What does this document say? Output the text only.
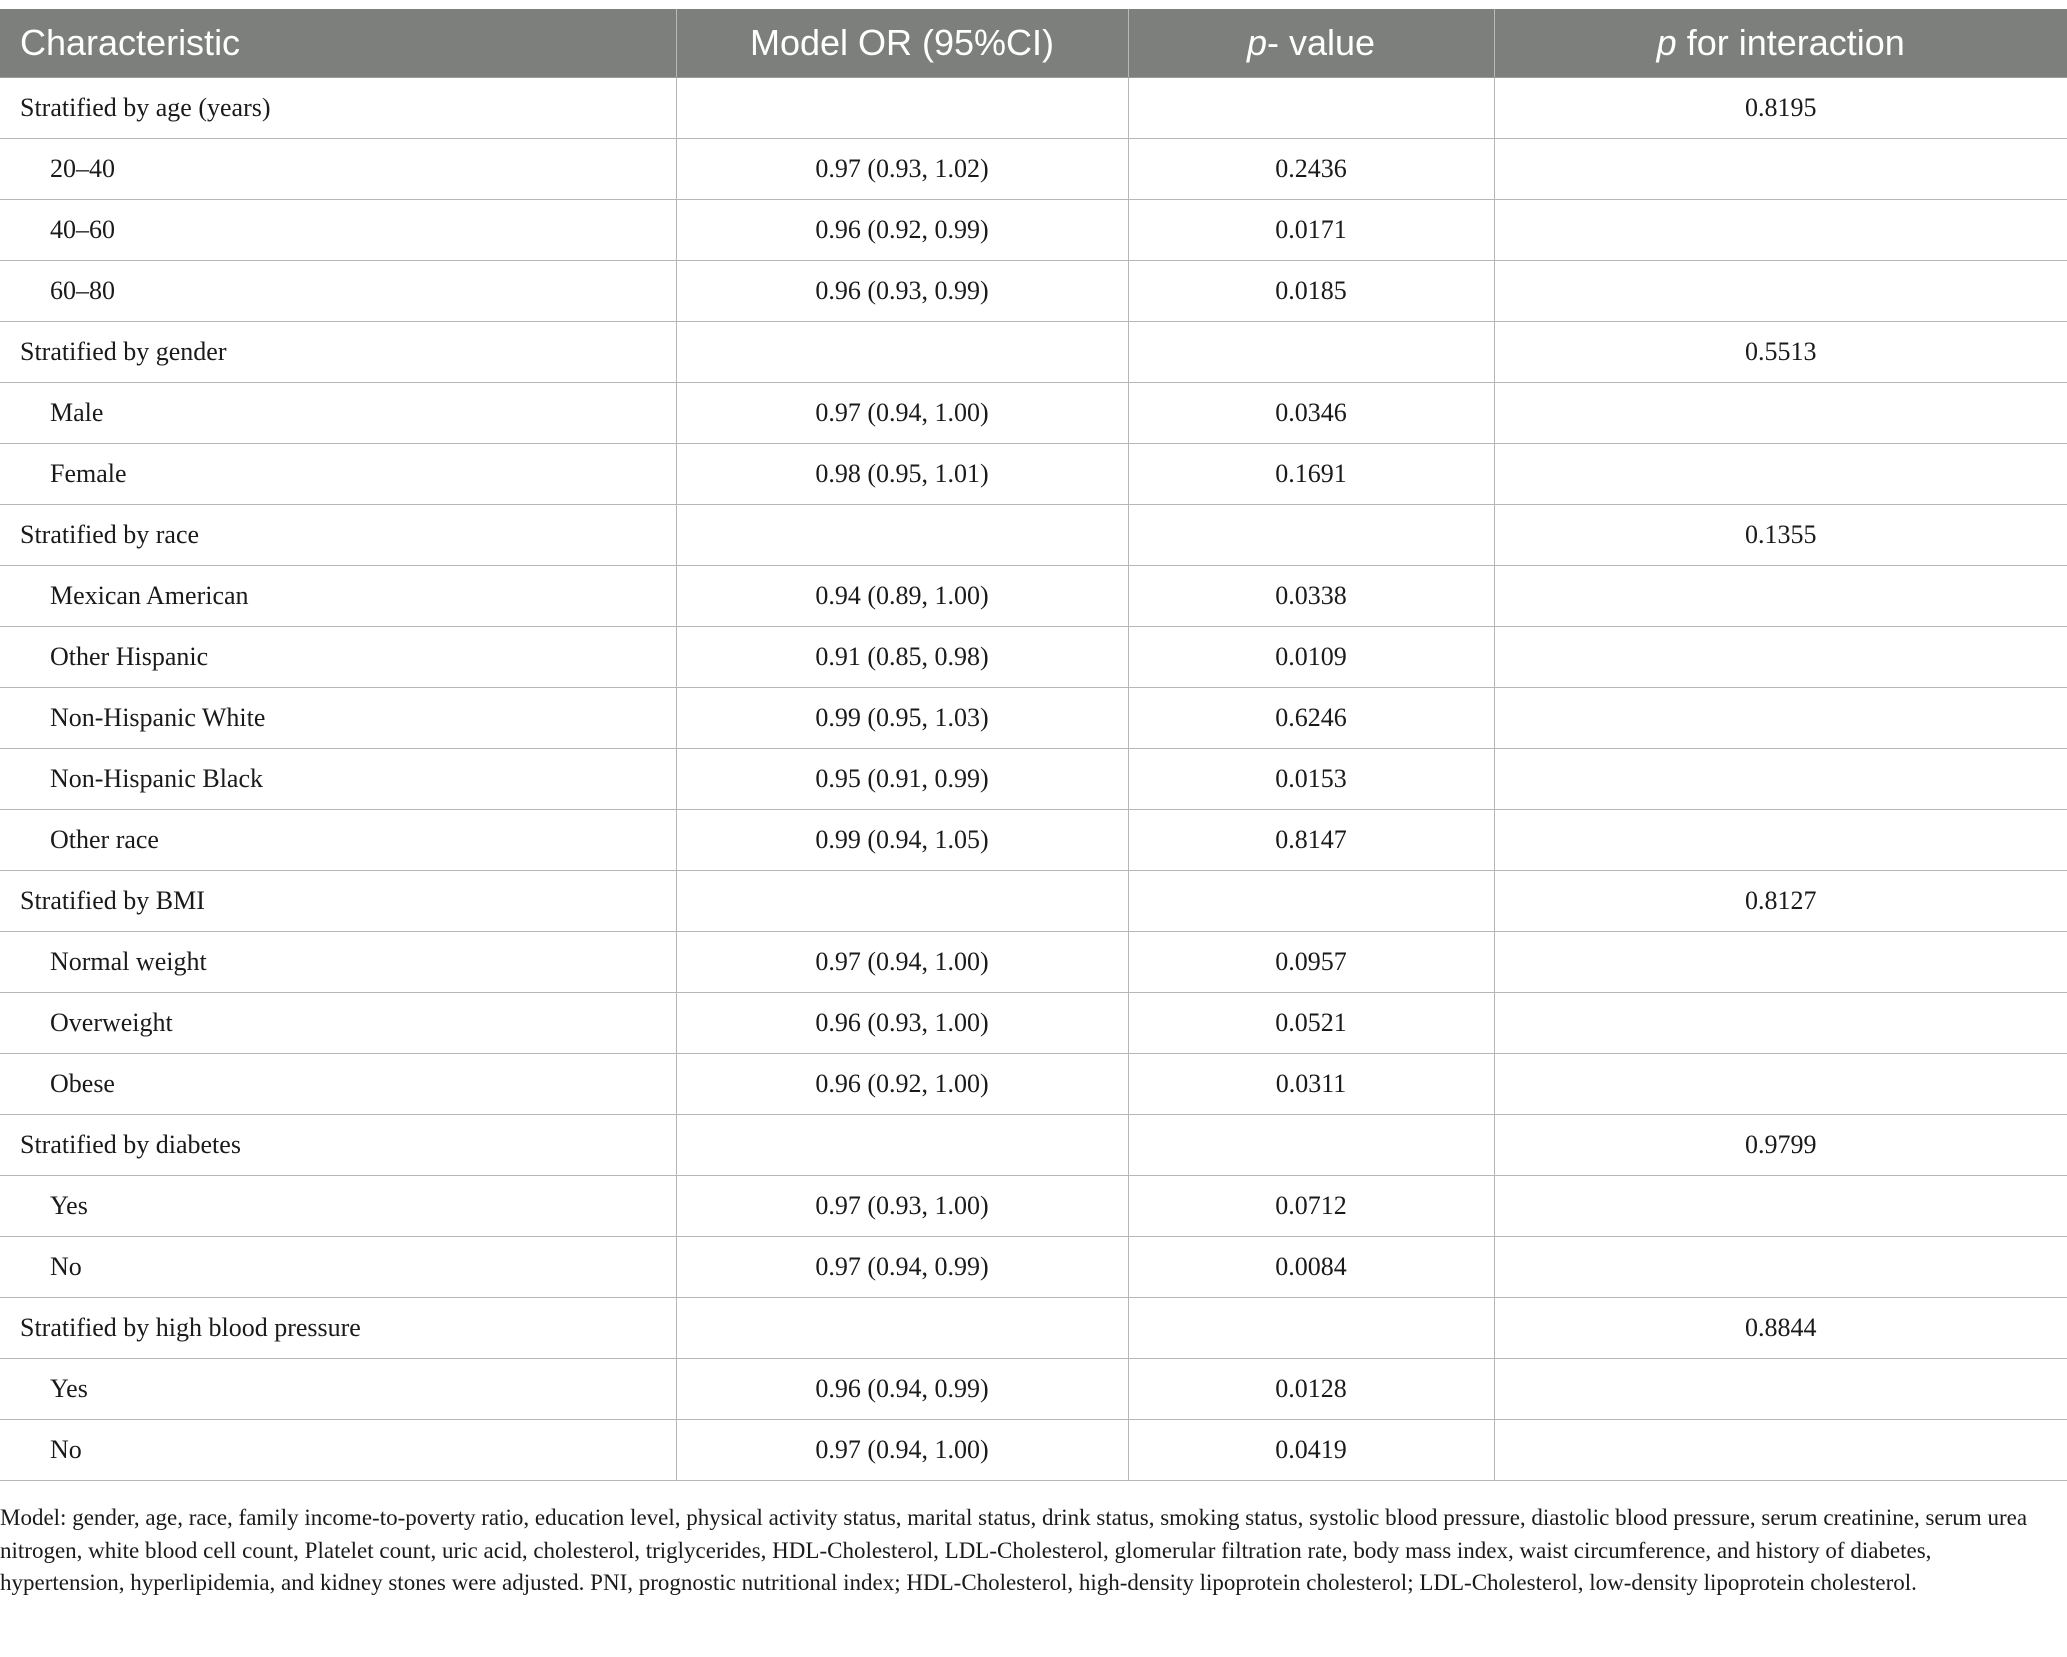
Characteristic	Model OR (95%CI)	p- value	p for interaction
Stratified by age (years)			0.8195
20–40	0.97 (0.93, 1.02)	0.2436	
40–60	0.96 (0.92, 0.99)	0.0171	
60–80	0.96 (0.93, 0.99)	0.0185	
Stratified by gender			0.5513
Male	0.97 (0.94, 1.00)	0.0346	
Female	0.98 (0.95, 1.01)	0.1691	
Stratified by race			0.1355
Mexican American	0.94 (0.89, 1.00)	0.0338	
Other Hispanic	0.91 (0.85, 0.98)	0.0109	
Non-Hispanic White	0.99 (0.95, 1.03)	0.6246	
Non-Hispanic Black	0.95 (0.91, 0.99)	0.0153	
Other race	0.99 (0.94, 1.05)	0.8147	
Stratified by BMI			0.8127
Normal weight	0.97 (0.94, 1.00)	0.0957	
Overweight	0.96 (0.93, 1.00)	0.0521	
Obese	0.96 (0.92, 1.00)	0.0311	
Stratified by diabetes			0.9799
Yes	0.97 (0.93, 1.00)	0.0712	
No	0.97 (0.94, 0.99)	0.0084	
Stratified by high blood pressure			0.8844
Yes	0.96 (0.94, 0.99)	0.0128	
No	0.97 (0.94, 1.00)	0.0419	
Model: gender, age, race, family income-to-poverty ratio, education level, physical activity status, marital status, drink status, smoking status, systolic blood pressure, diastolic blood pressure, serum creatinine, serum urea nitrogen, white blood cell count, Platelet count, uric acid, cholesterol, triglycerides, HDL-Cholesterol, LDL-Cholesterol, glomerular filtration rate, body mass index, waist circumference, and history of diabetes, hypertension, hyperlipidemia, and kidney stones were adjusted. PNI, prognostic nutritional index; HDL-Cholesterol, high-density lipoprotein cholesterol; LDL-Cholesterol, low-density lipoprotein cholesterol.
